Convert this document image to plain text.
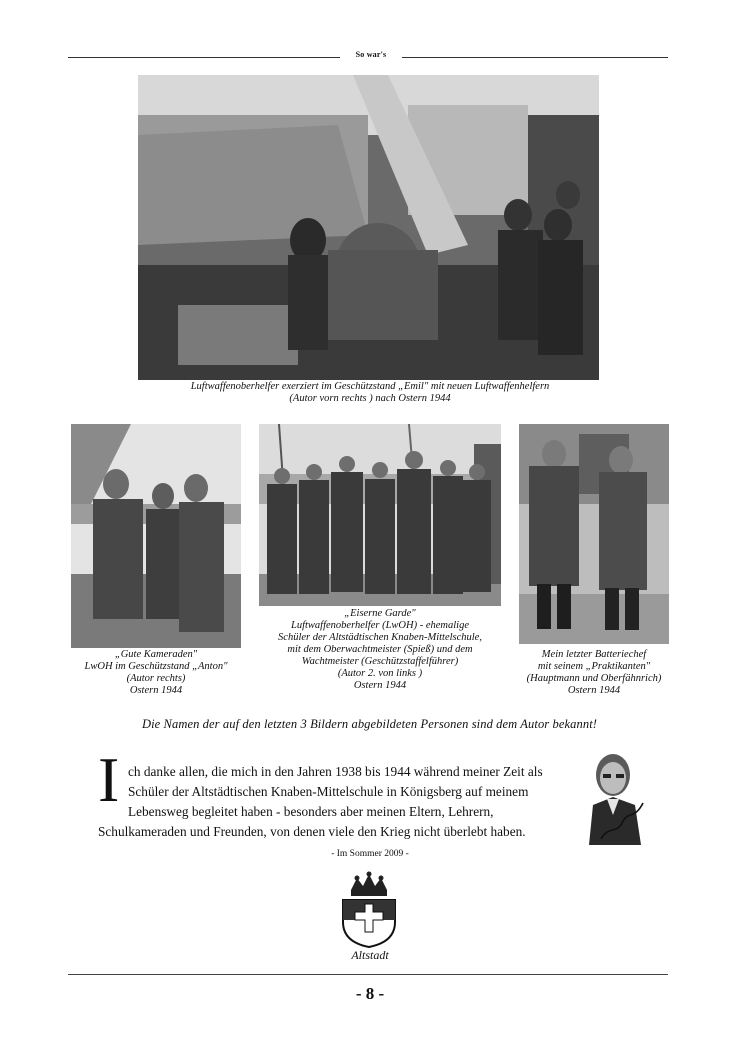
So war's
Luftwaffenoberhelfer exerziert im Geschützstand „Emil" mit neuen Luftwaffenhelfern
(Autor vorn rechts ) nach Ostern 1944
„Gute Kameraden"
LwOH im Geschützstand „Anton"
(Autor rechts)
Ostern 1944
„Eiserne Garde"
Luftwaffenoberhelfer (LwOH) - ehemalige
Schüler der Altstädtischen Knaben-Mittelschule,
mit dem Oberwachtmeister (Spieß) und dem
Wachtmeister (Geschützstaffelführer)
(Autor 2. von links )
Ostern 1944
Mein letzter Batteriechef
mit seinem „Praktikanten"
(Hauptmann und Oberfähnrich)
Ostern 1944
Die Namen der auf den letzten 3 Bildern abgebildeten Personen sind dem Autor bekannt!
I ch danke allen, die mich in den Jahren 1938 bis 1944 während meiner Zeit als
Schüler der Altstädtischen Knaben-Mittelschule in Königsberg auf meinem
Lebensweg begleitet haben - besonders aber meinen Eltern, Lehrern,
Schulkameraden und Freunden, von denen viele den Krieg nicht überlebt haben.
- Im Sommer 2009 -
Altstadt
- 8 -
